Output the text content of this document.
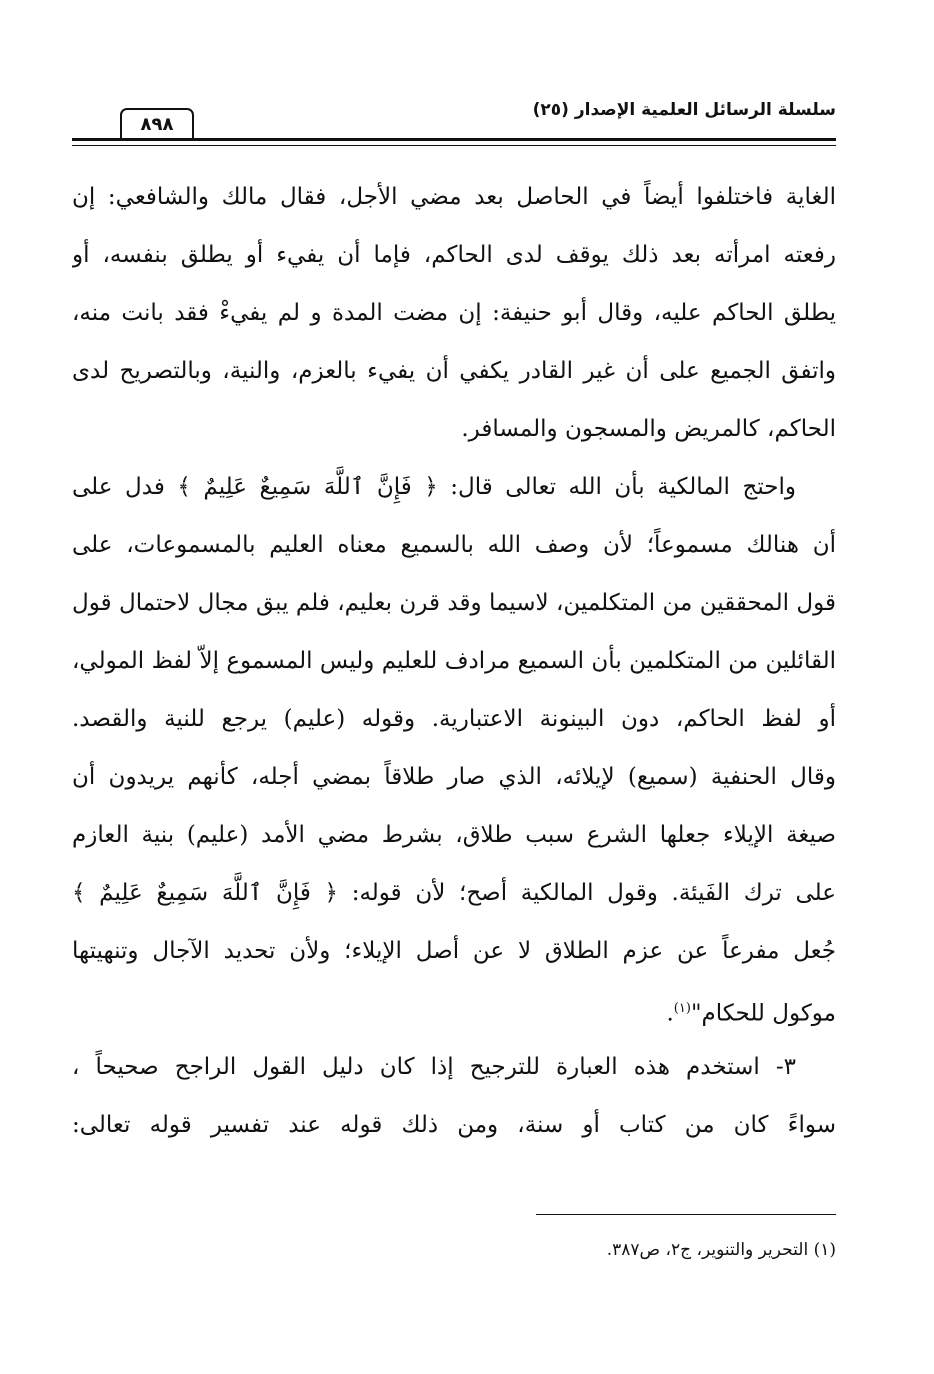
سلسلة الرسائل العلمية الإصدار (٢٥)
٨٩٨
الغاية فاختلفوا أيضاً في الحاصل بعد مضي الأجل، فقال مالك والشافعي: إن
رفعته امرأته بعد ذلك يوقف لدى الحاكم، فإما أن يفيء أو يطلق بنفسه، أو
يطلق الحاكم عليه، وقال أبو حنيفة: إن مضت المدة و لم يفيءْ فقد بانت منه،
واتفق الجميع على أن غير القادر يكفي أن يفيء بالعزم، والنية، وبالتصريح لدى
الحاكم، كالمريض والمسجون والمسافر.
واحتج المالكية بأن الله تعالى قال: ﴿ فَإِنَّ ٱللَّهَ سَمِيعٌ عَلِيمٌ ﴾ فدل على
أن هنالك مسموعاً؛ لأن وصف الله بالسميع معناه العليم بالمسموعات، على
قول المحققين من المتكلمين، لاسيما وقد قرن بعليم، فلم يبق مجال لاحتمال قول
القائلين من المتكلمين بأن السميع مرادف للعليم وليس المسموع إلاّ لفظ المولي،
أو لفظ الحاكم، دون البينونة الاعتبارية. وقوله (عليم) يرجع للنية والقصد.
وقال الحنفية (سميع) لإيلائه، الذي صار طلاقاً بمضي أجله، كأنهم يريدون أن
صيغة الإيلاء جعلها الشرع سبب طلاق، بشرط مضي الأمد (عليم) بنية العازم
على ترك الفَيئة. وقول المالكية أصح؛ لأن قوله: ﴿ فَإِنَّ ٱللَّهَ سَمِيعٌ عَلِيمٌ ﴾
جُعل مفرعاً عن عزم الطلاق لا عن أصل الإيلاء؛ ولأن تحديد الآجال وتنهيتها
موكول للحكام"$^{(١)}$.
٣- استخدم هذه العبارة للترجيح إذا كان دليل القول الراجح صحيحاً ،
سواءً كان من كتاب أو سنة، ومن ذلك قوله عند تفسير قوله تعالى:
(١) التحرير والتنوير، ج٢، ص٣٨٧.
